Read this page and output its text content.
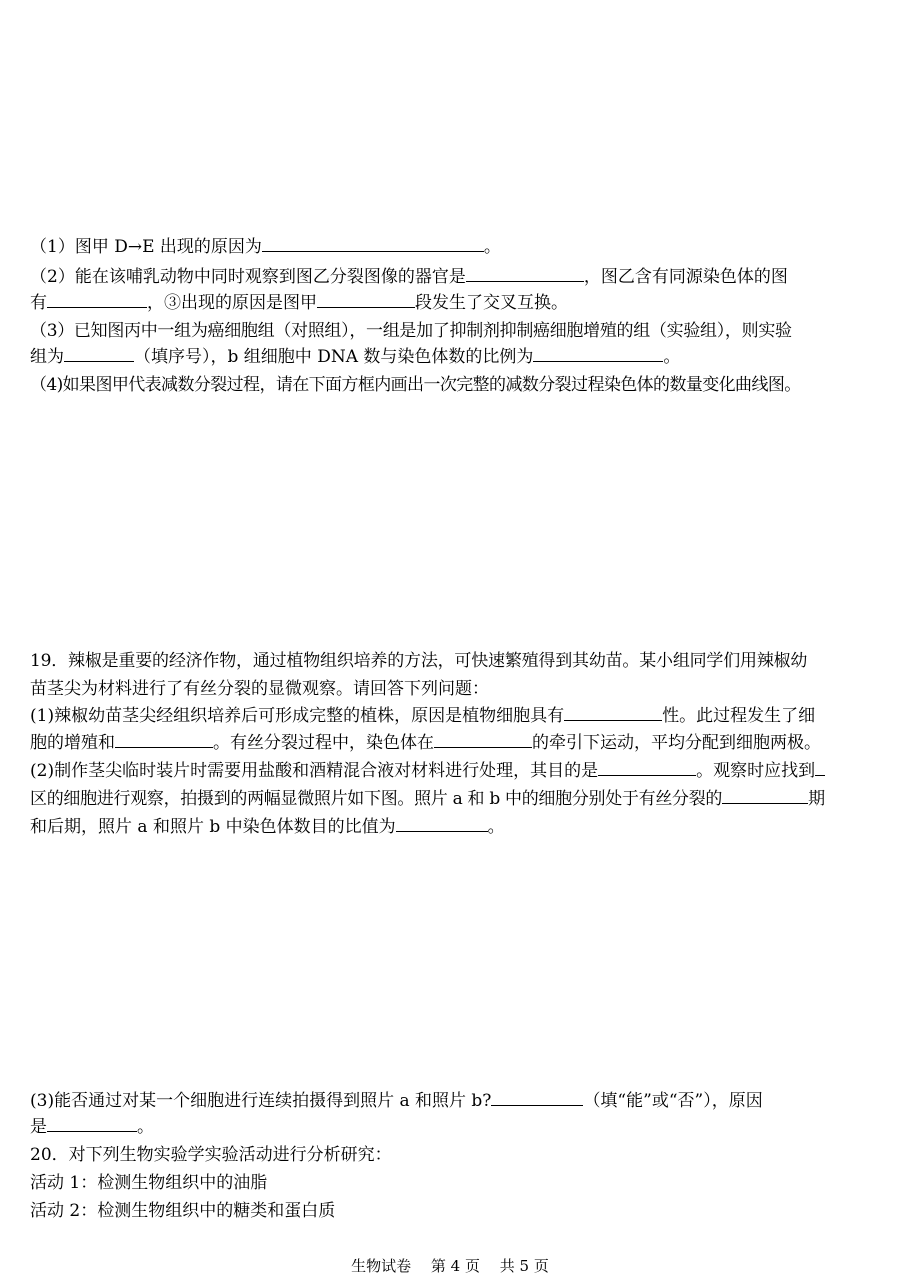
（1）图甲 D→E 出现的原因为	。
（2）能在该哺乳动物中同时观察到图乙分裂图像的器官是	，图乙含有同源染色体的图
有	，③出现的原因是图甲	段发生了交叉互换。
（3）已知图丙中一组为癌细胞组（对照组），一组是加了抑制剂抑制癌细胞增殖的组（实验组），则实验
组为	（填序号），b 组细胞中 DNA 数与染色体数的比例为	。
（4)如果图甲代表减数分裂过程，请在下面方框内画出一次完整的减数分裂过程染色体的数量变化曲线图。
19．辣椒是重要的经济作物，通过植物组织培养的方法，可快速繁殖得到其幼苗。某小组同学们用辣椒幼
苗茎尖为材料进行了有丝分裂的显微观察。请回答下列问题：
(1)辣椒幼苗茎尖经组织培养后可形成完整的植株，原因是植物细胞具有	性。此过程发生了细
胞的增殖和	。有丝分裂过程中，染色体在	的牵引下运动，平均分配到细胞两极。
(2)制作茎尖临时装片时需要用盐酸和酒精混合液对材料进行处理，其目的是	。观察时应找到
区的细胞进行观察，拍摄到的两幅显微照片如下图。照片 a 和 b 中的细胞分别处于有丝分裂的	期
和后期，照片 a 和照片 b 中染色体数目的比值为	。
(3)能否通过对某一个细胞进行连续拍摄得到照片 a 和照片 b?	（填“能”或“否”），原因
是	。
20．对下列生物实验学实验活动进行分析研究：
活动 1：检测生物组织中的油脂
活动 2：检测生物组织中的糖类和蛋白质
生物试卷　 第 4 页　 共 5 页
